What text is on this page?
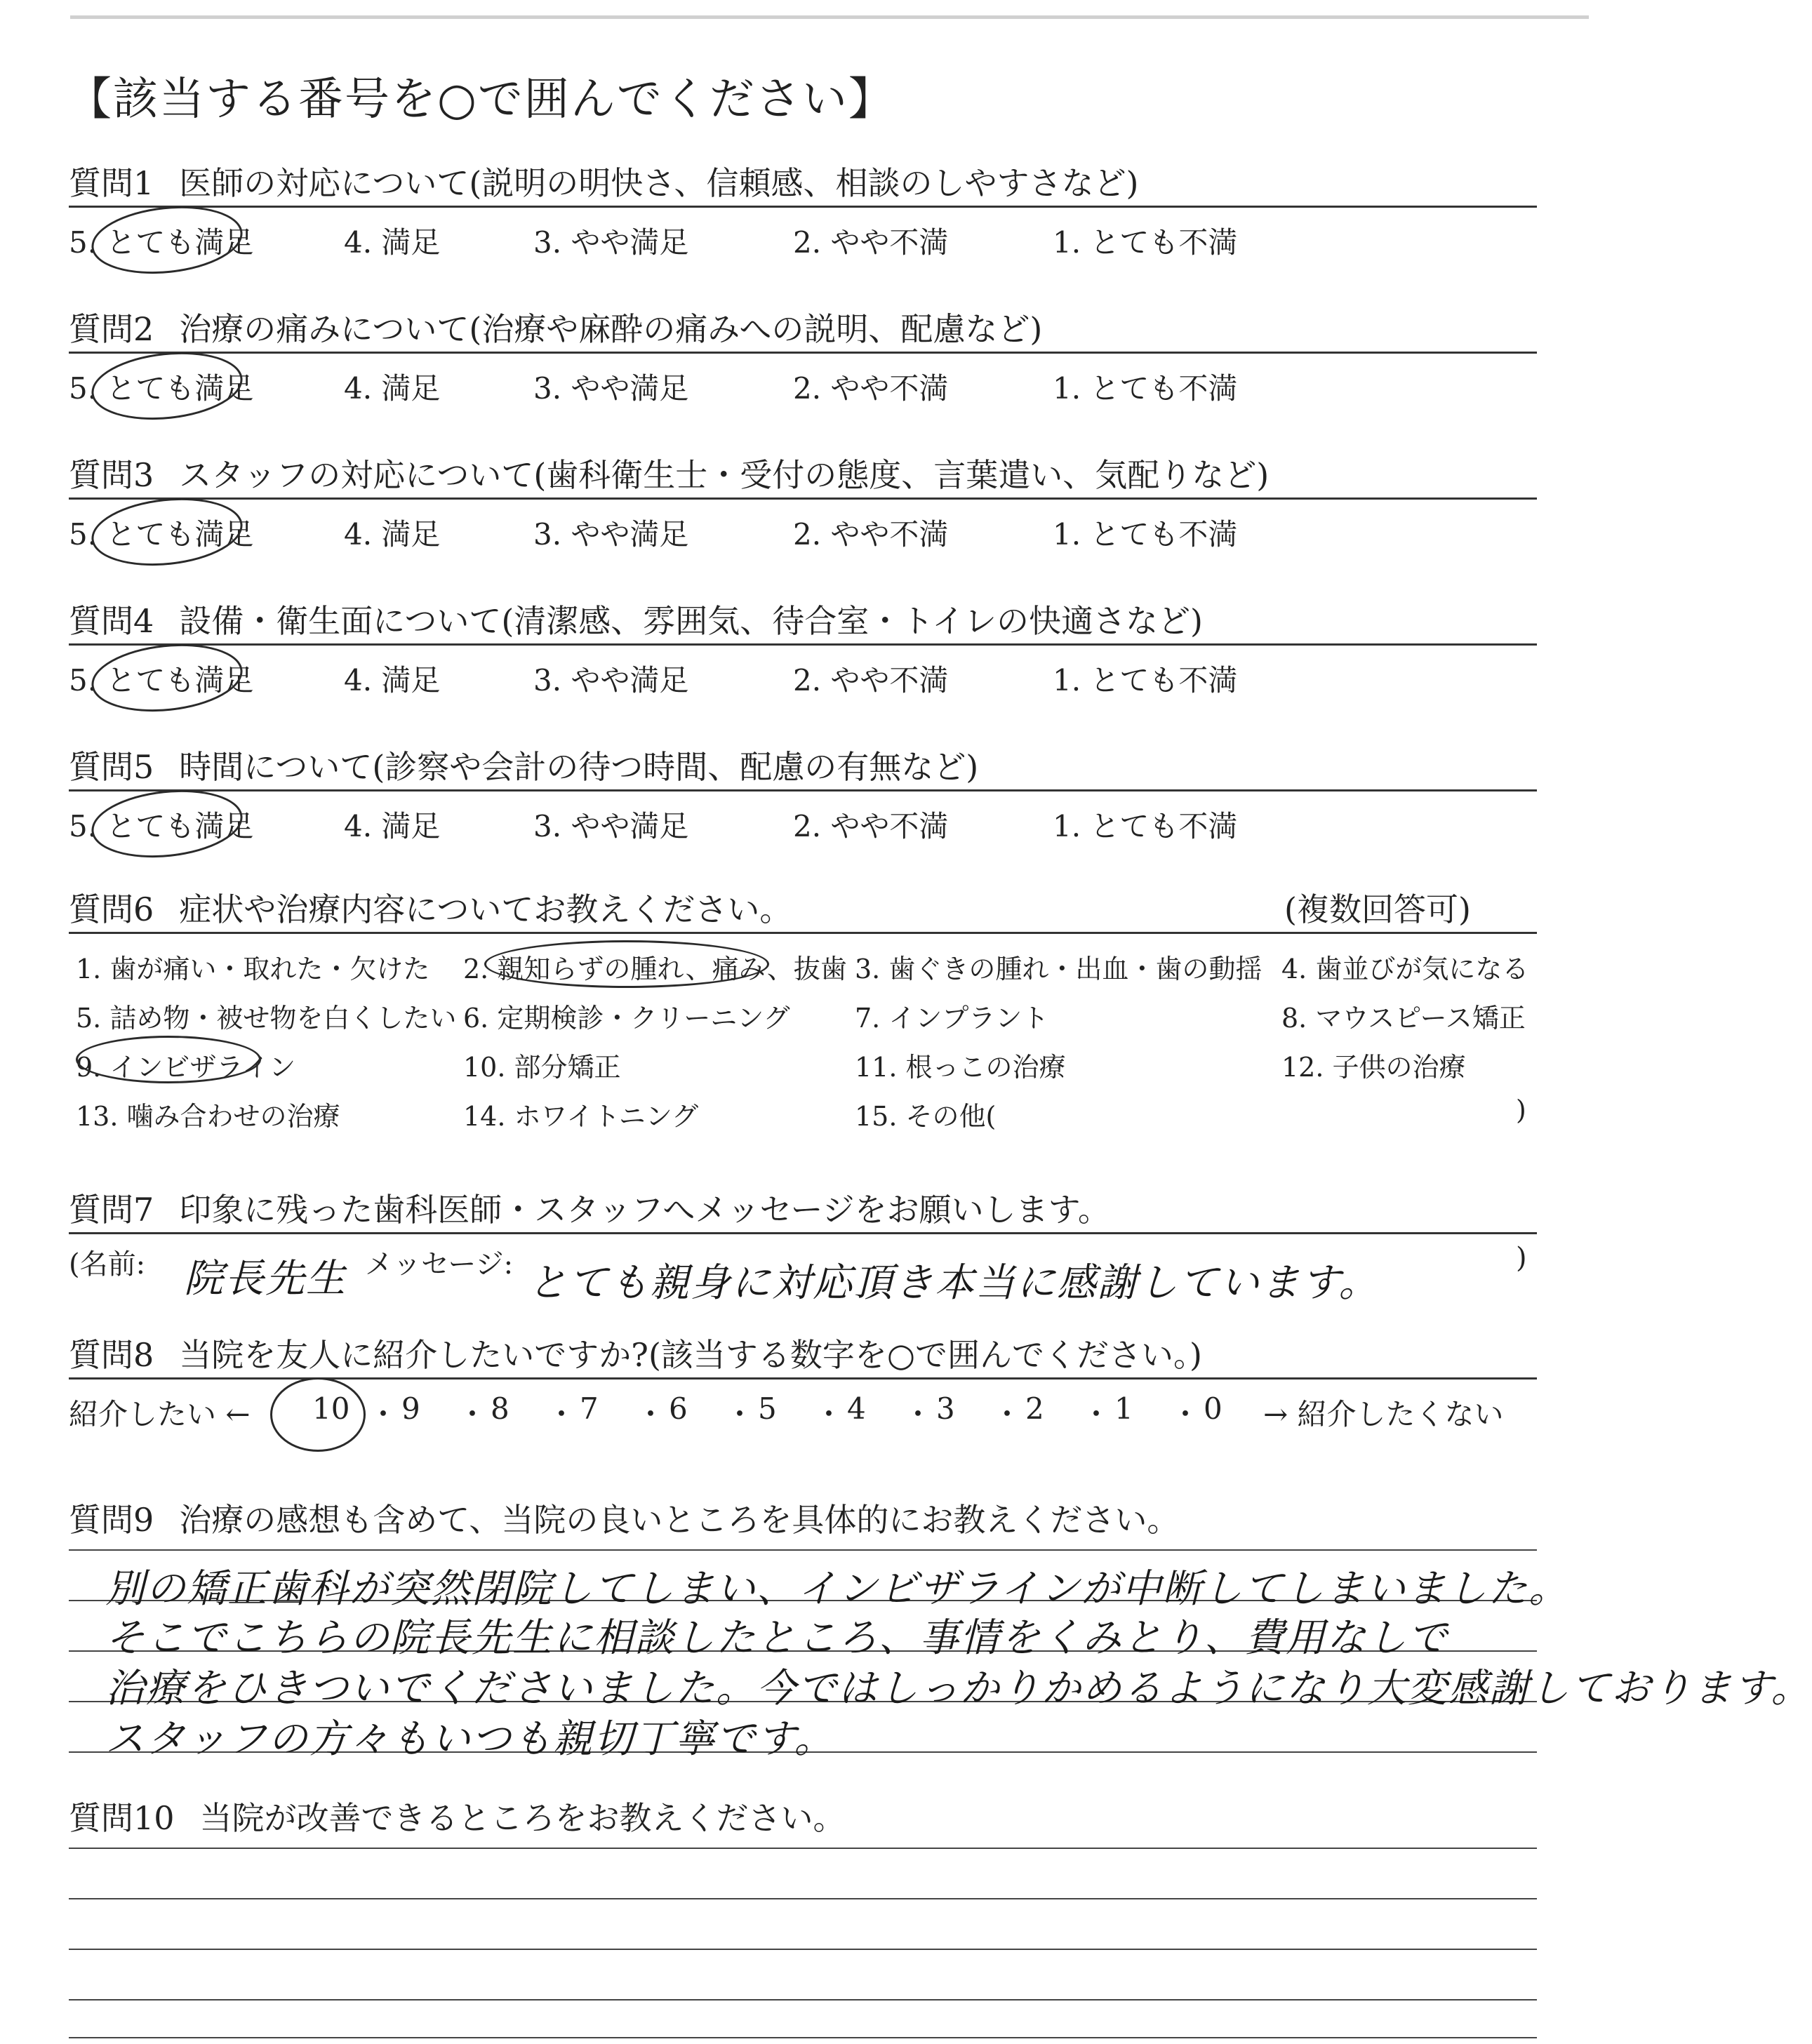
【該当する番号を○で囲んでください】
質問1 医師の対応について(説明の明快さ、信頼感、相談のしやすさなど)
5. とても満足	4. 満足	3. やや満足	2. やや不満	1. とても不満
質問2 治療の痛みについて(治療や麻酔の痛みへの説明、配慮など)
5. とても満足	4. 満足	3. やや満足	2. やや不満	1. とても不満
質問3 スタッフの対応について(歯科衛生士・受付の態度、言葉遣い、気配りなど)
5. とても満足	4. 満足	3. やや満足	2. やや不満	1. とても不満
質問4 設備・衛生面について(清潔感、雰囲気、待合室・トイレの快適さなど)
5. とても満足	4. 満足	3. やや満足	2. やや不満	1. とても不満
質問5 時間について(診察や会計の待つ時間、配慮の有無など)
5. とても満足	4. 満足	3. やや満足	2. やや不満	1. とても不満
質問6 症状や治療内容についてお教えください。	(複数回答可)
1. 歯が痛い・取れた・欠けた 2. 親知らずの腫れ、痛み、抜歯 3. 歯ぐきの腫れ・出血・歯の動揺 4. 歯並びが気になる
5. 詰め物・被せ物を白くしたい 6. 定期検診・クリーニング 7. インプラント	8. マウスピース矯正
9. インビザライン	10. 部分矯正	11. 根っこの治療	12. 子供の治療
13. 噛み合わせの治療	14. ホワイトニング	15. その他(	)
質問7 印象に残った歯科医師・スタッフへメッセージをお願いします。
(名前: 院長先生 メッセージ: とても親身に対応頂き本当に感謝しています。
)
質問8 当院を友人に紹介したいですか?(該当する数字を○で囲んでください。)
紹介したい ← 10 ・ 9 ・ 8 ・ 7 ・ 6 ・ 5 ・ 4 ・ 3 ・ 2 ・ 1 ・ 0 → 紹介したくない
質問9 治療の感想も含めて、当院の良いところを具体的にお教えください。
別の矯正歯科が突然閉院してしまい、インビザラインが中断してしまいました。
そこでこちらの院長先生に相談したところ、事情をくみとり、費用なしで
治療をひきついでくださいました。今ではしっかりかめるようになり大変感謝しております。
スタッフの方々もいつも親切丁寧です。
質問10 当院が改善できるところをお教えください。
